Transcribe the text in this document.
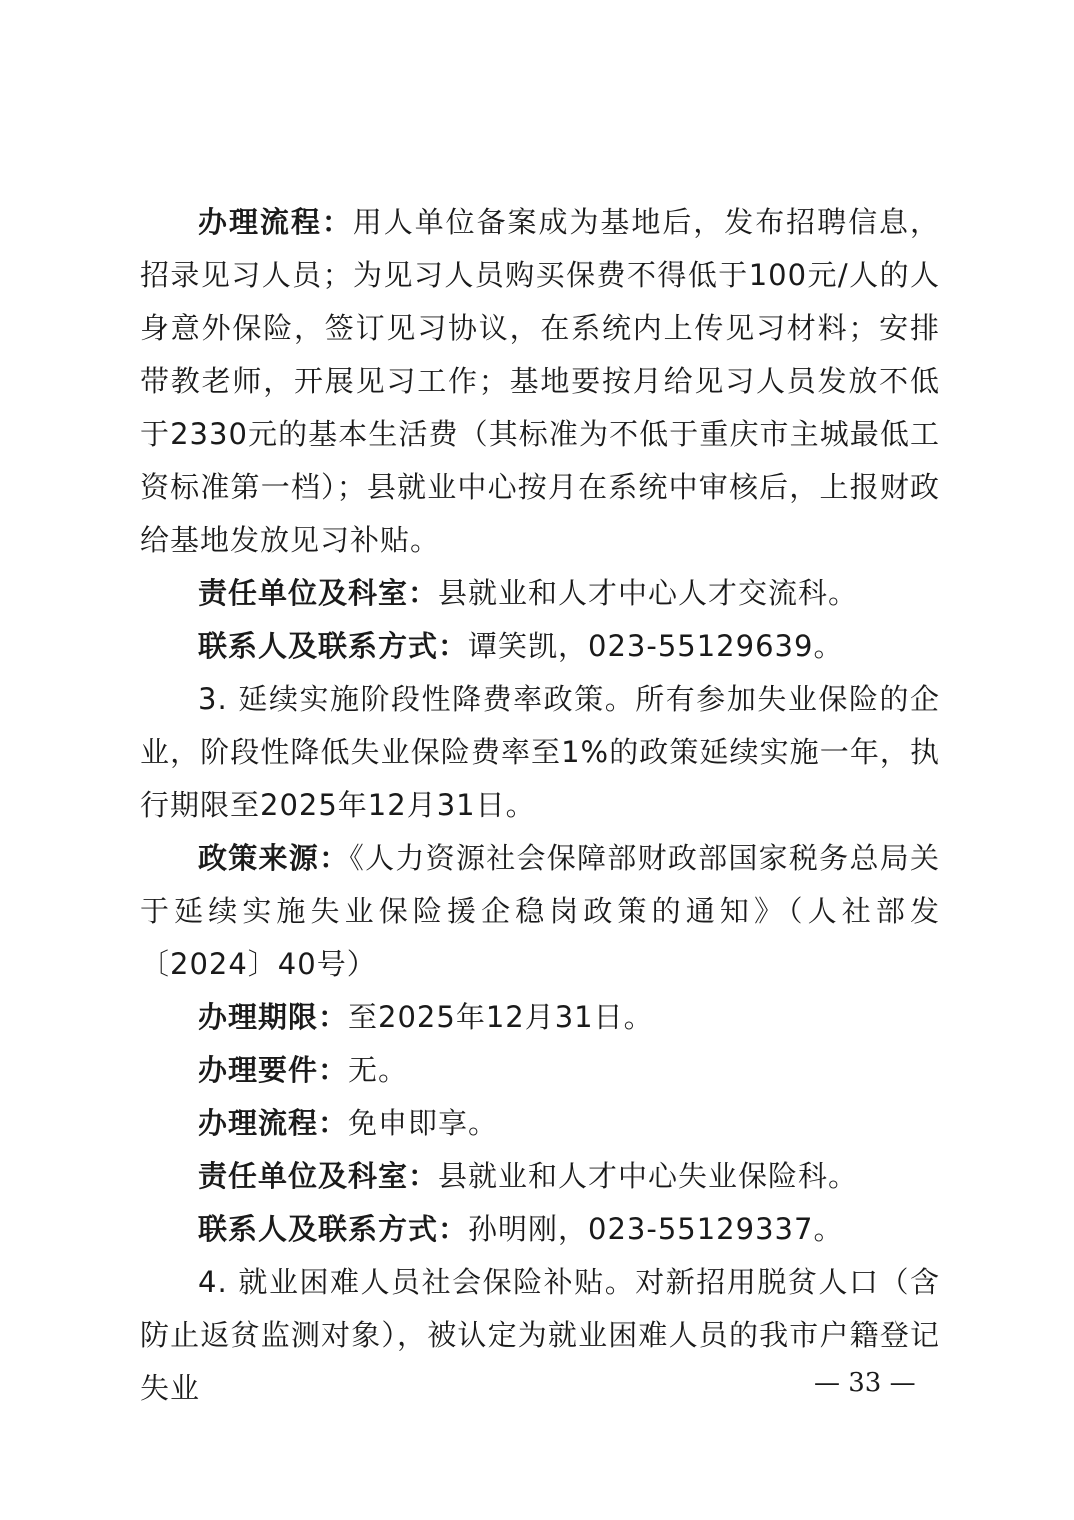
办理流程：用人单位备案成为基地后，发布招聘信息，招录见习人员；为见习人员购买保费不得低于100元/人的人身意外保险，签订见习协议，在系统内上传见习材料；安排带教老师，开展见习工作；基地要按月给见习人员发放不低于2330元的基本生活费（其标准为不低于重庆市主城最低工资标准第一档）；县就业中心按月在系统中审核后，上报财政给基地发放见习补贴。

责任单位及科室：县就业和人才中心人才交流科。

联系人及联系方式：谭笑凯，023-55129639。

3. 延续实施阶段性降费率政策。所有参加失业保险的企业，阶段性降低失业保险费率至1%的政策延续实施一年，执行期限至2025年12月31日。

政策来源：《人力资源社会保障部财政部国家税务总局关于延续实施失业保险援企稳岗政策的通知》（人社部发〔2024〕40号）

办理期限：至2025年12月31日。

办理要件：无。

办理流程：免申即享。

责任单位及科室：县就业和人才中心失业保险科。

联系人及联系方式：孙明刚，023-55129337。

4. 就业困难人员社会保险补贴。对新招用脱贫人口（含防止返贫监测对象），被认定为就业困难人员的我市户籍登记失业	— 33 —
